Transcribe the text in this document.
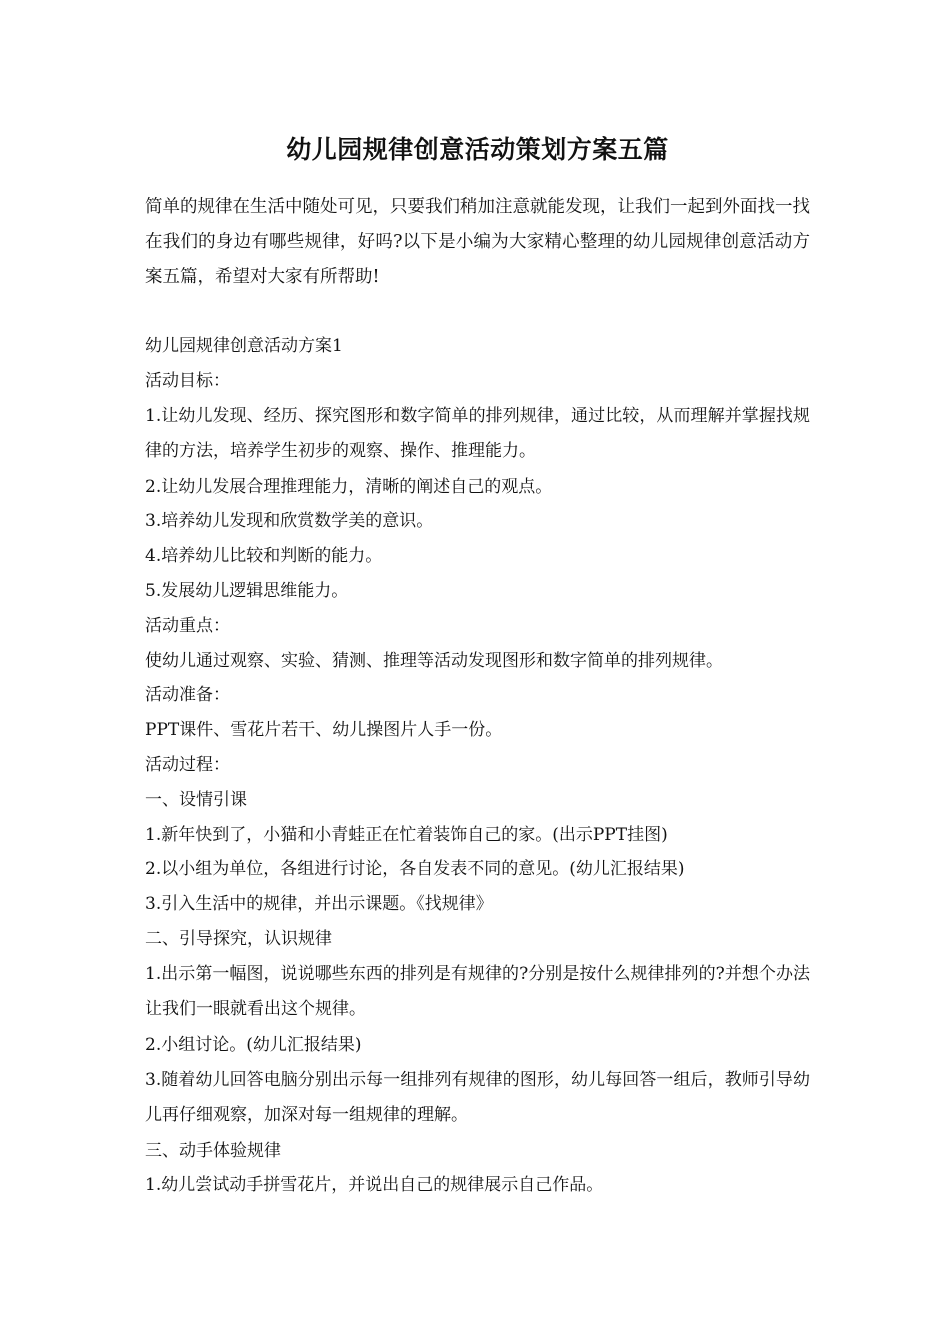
幼儿园规律创意活动策划方案五篇

简单的规律在生活中随处可见，只要我们稍加注意就能发现，让我们一起到外面找一找在我们的身边有哪些规律，好吗?以下是小编为大家精心整理的幼儿园规律创意活动方案五篇，希望对大家有所帮助!

幼儿园规律创意活动方案1

活动目标：

1.让幼儿发现、经历、探究图形和数字简单的排列规律，通过比较，从而理解并掌握找规律的方法，培养学生初步的观察、操作、推理能力。

2.让幼儿发展合理推理能力，清晰的阐述自己的观点。

3.培养幼儿发现和欣赏数学美的意识。

4.培养幼儿比较和判断的能力。

5.发展幼儿逻辑思维能力。

活动重点：

使幼儿通过观察、实验、猜测、推理等活动发现图形和数字简单的排列规律。

活动准备：

PPT课件、雪花片若干、幼儿操图片人手一份。

活动过程：

一、设情引课

1.新年快到了，小猫和小青蛙正在忙着装饰自己的家。(出示PPT挂图)

2.以小组为单位，各组进行讨论，各自发表不同的意见。(幼儿汇报结果)

3.引入生活中的规律，并出示课题。《找规律》

二、引导探究，认识规律

1.出示第一幅图，说说哪些东西的排列是有规律的?分别是按什么规律排列的?并想个办法让我们一眼就看出这个规律。

2.小组讨论。(幼儿汇报结果)

3.随着幼儿回答电脑分别出示每一组排列有规律的图形，幼儿每回答一组后，教师引导幼儿再仔细观察，加深对每一组规律的理解。

三、动手体验规律

1.幼儿尝试动手拼雪花片，并说出自己的规律展示自己作品。
